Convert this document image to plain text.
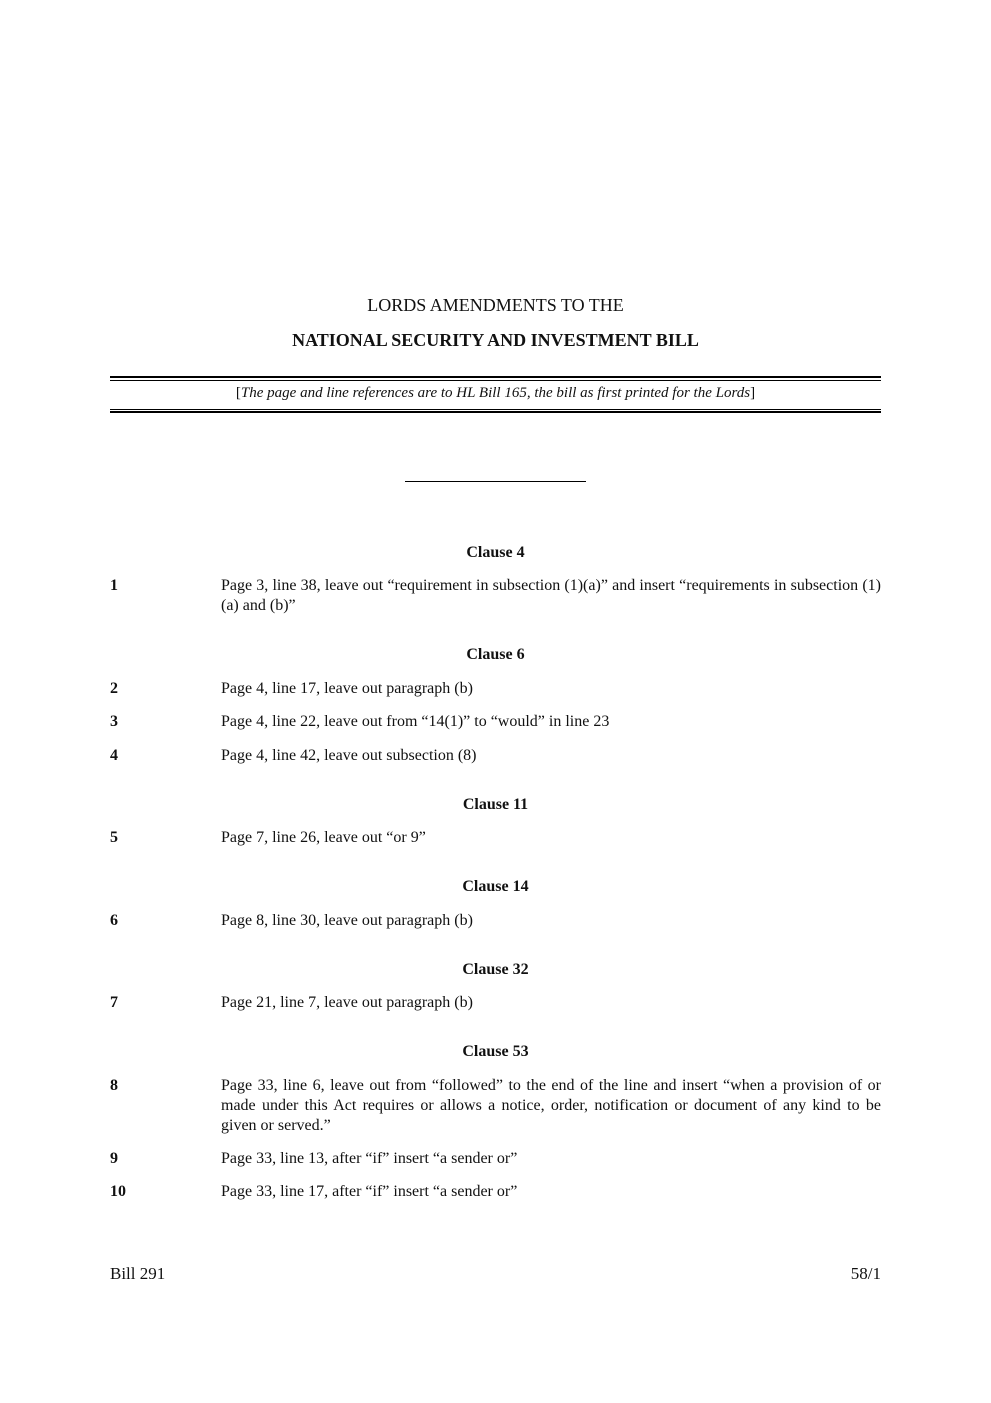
LORDS AMENDMENTS TO THE
NATIONAL SECURITY AND INVESTMENT BILL
[The page and line references are to HL Bill 165, the bill as first printed for the Lords]
Clause 4
1	Page 3, line 38, leave out “requirement in subsection (1)(a)” and insert “requirements in subsection (1)(a) and (b)”
Clause 6
2	Page 4, line 17, leave out paragraph (b)
3	Page 4, line 22, leave out from “14(1)” to “would” in line 23
4	Page 4, line 42, leave out subsection (8)
Clause 11
5	Page 7, line 26, leave out “or 9”
Clause 14
6	Page 8, line 30, leave out paragraph (b)
Clause 32
7	Page 21, line 7, leave out paragraph (b)
Clause 53
8	Page 33, line 6, leave out from “followed” to the end of the line and insert “when a provision of or made under this Act requires or allows a notice, order, notification or document of any kind to be given or served.”
9	Page 33, line 13, after “if” insert “a sender or”
10	Page 33, line 17, after “if” insert “a sender or”
Bill 291	58/1
